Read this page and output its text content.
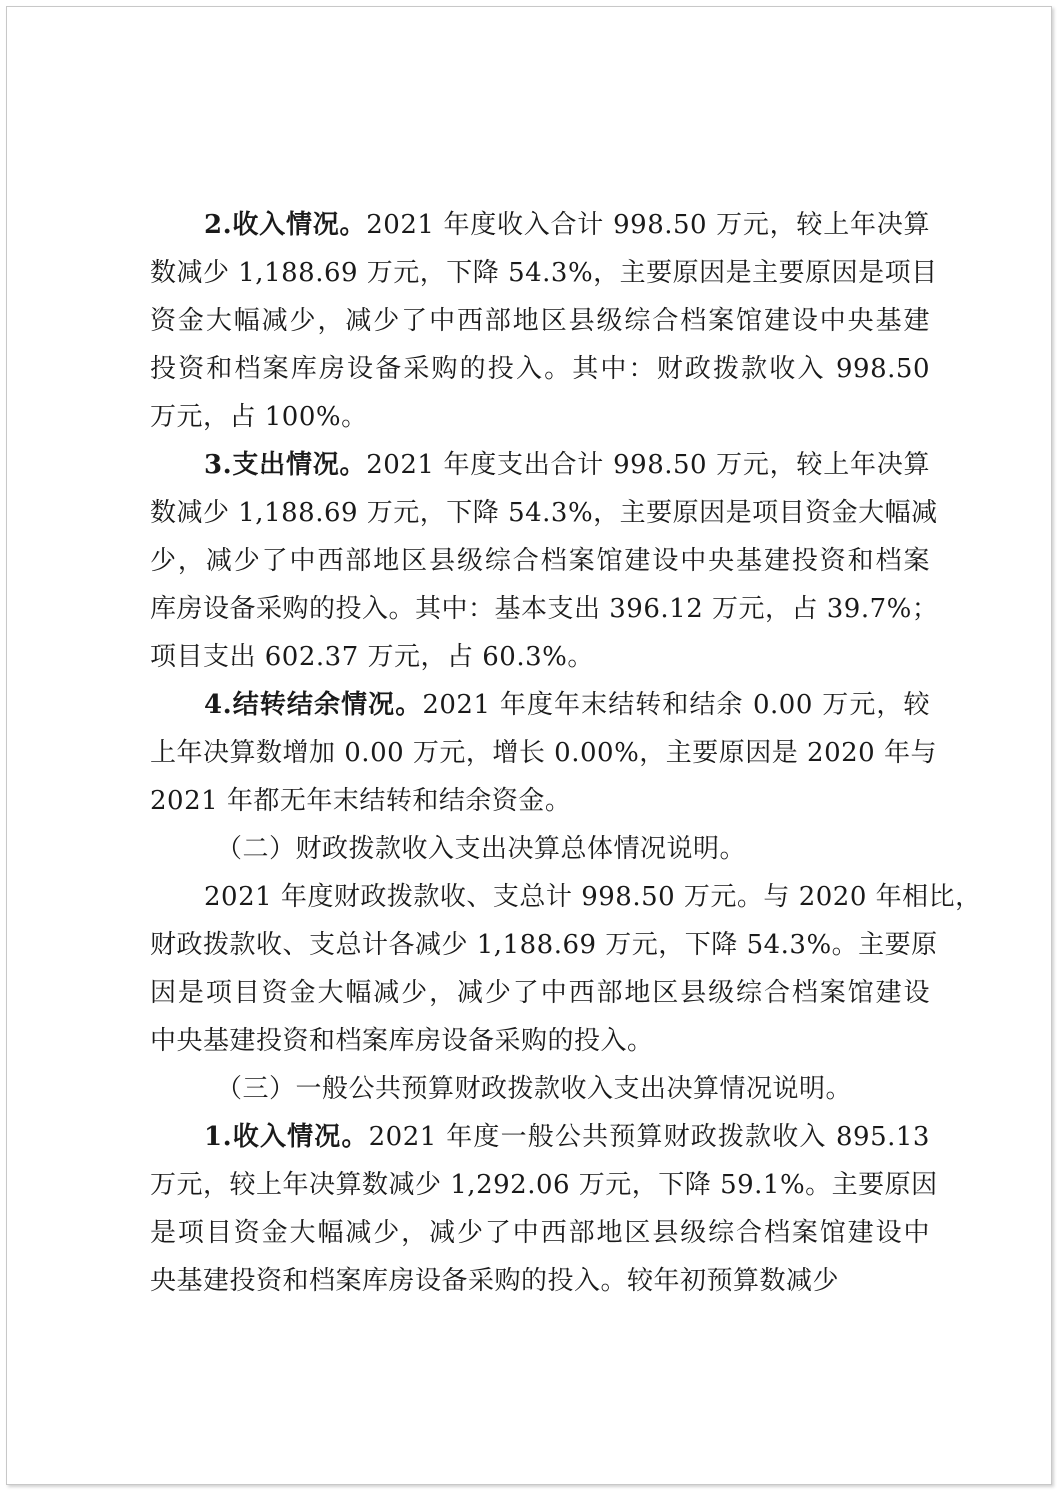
2.收入情况。2021 年度收入合计 998.50 万元，较上年决算
数减少 1,188.69 万元，下降 54.3%，主要原因是主要原因是项目
资金大幅减少，减少了中西部地区县级综合档案馆建设中央基建
投资和档案库房设备采购的投入。其中：财政拨款收入 998.50
万元，占 100%。
3.支出情况。2021 年度支出合计 998.50 万元，较上年决算
数减少 1,188.69 万元，下降 54.3%，主要原因是项目资金大幅减
少，减少了中西部地区县级综合档案馆建设中央基建投资和档案
库房设备采购的投入。其中：基本支出 396.12 万元，占 39.7%；
项目支出 602.37 万元，占 60.3%。
4.结转结余情况。2021 年度年末结转和结余 0.00 万元，较
上年决算数增加 0.00 万元，增长 0.00%，主要原因是 2020 年与
2021 年都无年末结转和结余资金。
（二）财政拨款收入支出决算总体情况说明。
2021 年度财政拨款收、支总计 998.50 万元。与 2020 年相比，
财政拨款收、支总计各减少 1,188.69 万元，下降 54.3%。主要原
因是项目资金大幅减少，减少了中西部地区县级综合档案馆建设
中央基建投资和档案库房设备采购的投入。
（三）一般公共预算财政拨款收入支出决算情况说明。
1.收入情况。2021 年度一般公共预算财政拨款收入 895.13
万元，较上年决算数减少 1,292.06 万元，下降 59.1%。主要原因
是项目资金大幅减少，减少了中西部地区县级综合档案馆建设中
央基建投资和档案库房设备采购的投入。较年初预算数减少
